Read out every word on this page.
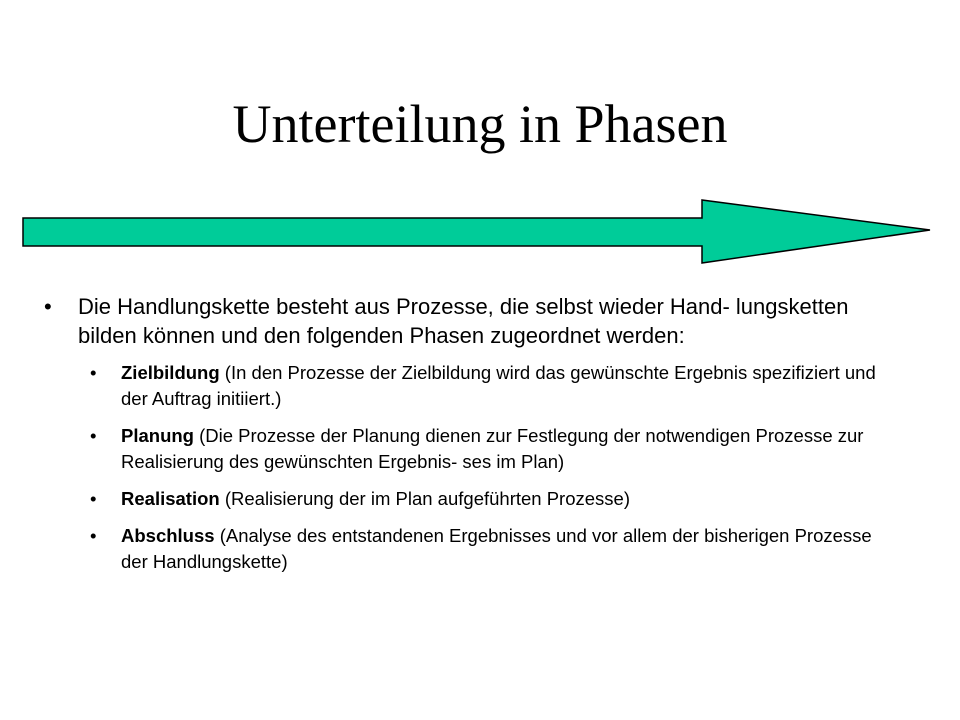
Unterteilung in Phasen
• Die Handlungskette besteht aus Prozesse, die selbst wieder Hand- lungsketten bilden können und den folgenden Phasen zugeordnet werden:
• Zielbildung (In den Prozesse der Zielbildung wird das gewünschte Ergebnis spezifiziert und der Auftrag initiiert.)
• Planung (Die Prozesse der Planung dienen zur Festlegung der notwendigen Prozesse zur Realisierung des gewünschten Ergebnis- ses im Plan)
• Realisation (Realisierung der im Plan aufgeführten Prozesse)
• Abschluss (Analyse des entstandenen Ergebnisses und vor allem der bisherigen Prozesse der Handlungskette)
